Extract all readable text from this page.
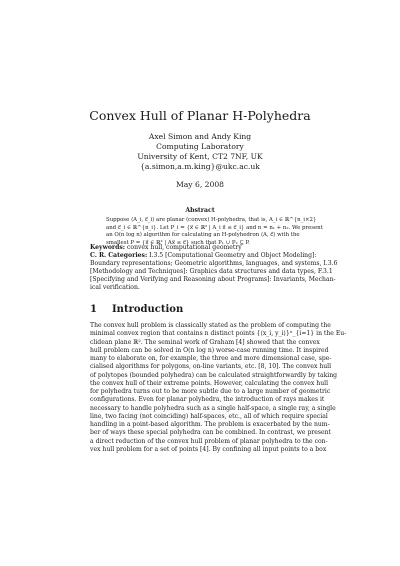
Convex Hull of Planar H-Polyhedra
Axel Simon and Andy King
Computing Laboratory
University of Kent, CT2 7NF, UK
{a.simon,a.m.king}@ukc.ac.uk
May 6, 2008
Abstract
Suppose ⟨A_i, c⃗_i⟩ are planar (convex) H-polyhedra, that is, A_i ∈ ℝ^{n_i×2}
and c⃗_i ∈ ℝ^{n_i}. Let P_i = {x⃗ ∈ ℝ² | A_i x⃗ ≤ c⃗_i} and n = n₁ + n₂. We present
an O(n log n) algorithm for calculating an H-polyhedron ⟨A, c⃗⟩ with the
smallest P = {x⃗ ∈ ℝ² | Ax⃗ ≤ c⃗} such that P₁ ∪ P₂ ⊆ P.
Keywords: convex hull, computational geometry
C. R. Categories: I.3.5 [Computational Geometry and Object Modeling]:
Boundary representations; Geometric algorithms, languages, and systems, I.3.6
[Methodology and Techniques]: Graphics data structures and data types, F.3.1
[Specifying and Verifying and Reasoning about Programs]: Invariants, Mechan-
ical verification.
1 Introduction
The convex hull problem is classically stated as the problem of computing the
minimal convex region that contains n distinct points {⟨x_i, y_i⟩}ⁿ_{i=1} in the Eu-
clidean plane ℝ². The seminal work of Graham [4] showed that the convex
hull problem can be solved in O(n log n) worse-case running time. It inspired
many to elaborate on, for example, the three and more dimensional case, spe-
cialised algorithms for polygons, on-line variants, etc. [8, 10]. The convex hull
of polytopes (bounded polyhedra) can be calculated straightforwardly by taking
the convex hull of their extreme points. However, calculating the convex hull
for polyhedra turns out to be more subtle due to a large number of geometric
configurations. Even for planar polyhedra, the introduction of rays makes it
necessary to handle polyhedra such as a single half-space, a single ray, a single
line, two facing (not coinciding) half-spaces, etc., all of which require special
handling in a point-based algorithm. The problem is exacerbated by the num-
ber of ways these special polyhedra can be combined. In contrast, we present
a direct reduction of the convex hull problem of planar polyhedra to the con-
vex hull problem for a set of points [4]. By confining all input points to a box
